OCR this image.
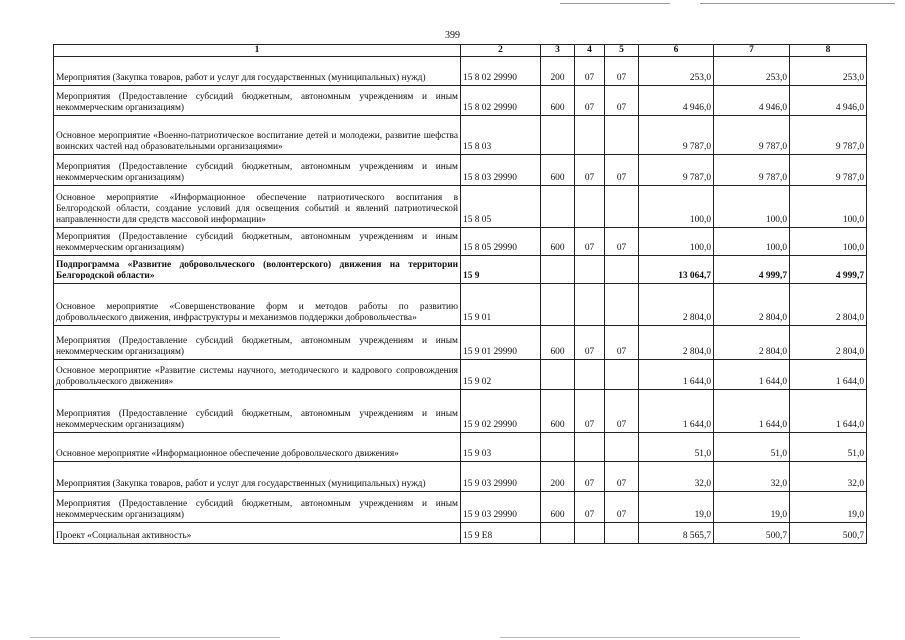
399
1	2	3	4	5	6	7	8
Мероприятия (Закупка товаров, работ и услуг для государственных (муниципальных) нужд)	15 8 02 29990	200	07	07	253,0	253,0	253,0
Мероприятия (Предоставление субсидий бюджетным, автономным учреждениям и иным некоммерческим организациям)	15 8 02 29990	600	07	07	4 946,0	4 946,0	4 946,0
Основное мероприятие «Военно-патриотическое воспитание детей и молодежи, развитие шефства воинских частей над образовательными организациями»	15 8 03				9 787,0	9 787,0	9 787,0
Мероприятия (Предоставление субсидий бюджетным, автономным учреждениям и иным некоммерческим организациям)	15 8 03 29990	600	07	07	9 787,0	9 787,0	9 787,0
Основное мероприятие «Информационное обеспечение патриотического воспитания в Белгородской области, создание условий для освещения событий и явлений патриотической направленности для средств массовой информации»	15 8 05				100,0	100,0	100,0
Мероприятия (Предоставление субсидий бюджетным, автономным учреждениям и иным некоммерческим организациям)	15 8 05 29990	600	07	07	100,0	100,0	100,0
Подпрограмма «Развитие добровольческого (волонтерского) движения на территории Белгородской области»	15 9				13 064,7	4 999,7	4 999,7
Основное мероприятие «Совершенствование форм и методов работы по развитию добровольческого движения, инфраструктуры и механизмов поддержки добровольчества»	15 9 01				2 804,0	2 804,0	2 804,0
Мероприятия (Предоставление субсидий бюджетным, автономным учреждениям и иным некоммерческим организациям)	15 9 01 29990	600	07	07	2 804,0	2 804,0	2 804,0
Основное мероприятие «Развитие системы научного, методического и кадрового сопровождения добровольческого движения»	15 9 02				1 644,0	1 644,0	1 644,0
Мероприятия (Предоставление субсидий бюджетным, автономным учреждениям и иным некоммерческим организациям)	15 9 02 29990	600	07	07	1 644,0	1 644,0	1 644,0
Основное мероприятие «Информационное обеспечение добровольческого движения»	15 9 03				51,0	51,0	51,0
Мероприятия (Закупка товаров, работ и услуг для государственных (муниципальных) нужд)	15 9 03 29990	200	07	07	32,0	32,0	32,0
Мероприятия (Предоставление субсидий бюджетным, автономным учреждениям и иным некоммерческим организациям)	15 9 03 29990	600	07	07	19,0	19,0	19,0
Проект «Социальная активность»	15 9 E8				8 565,7	500,7	500,7
